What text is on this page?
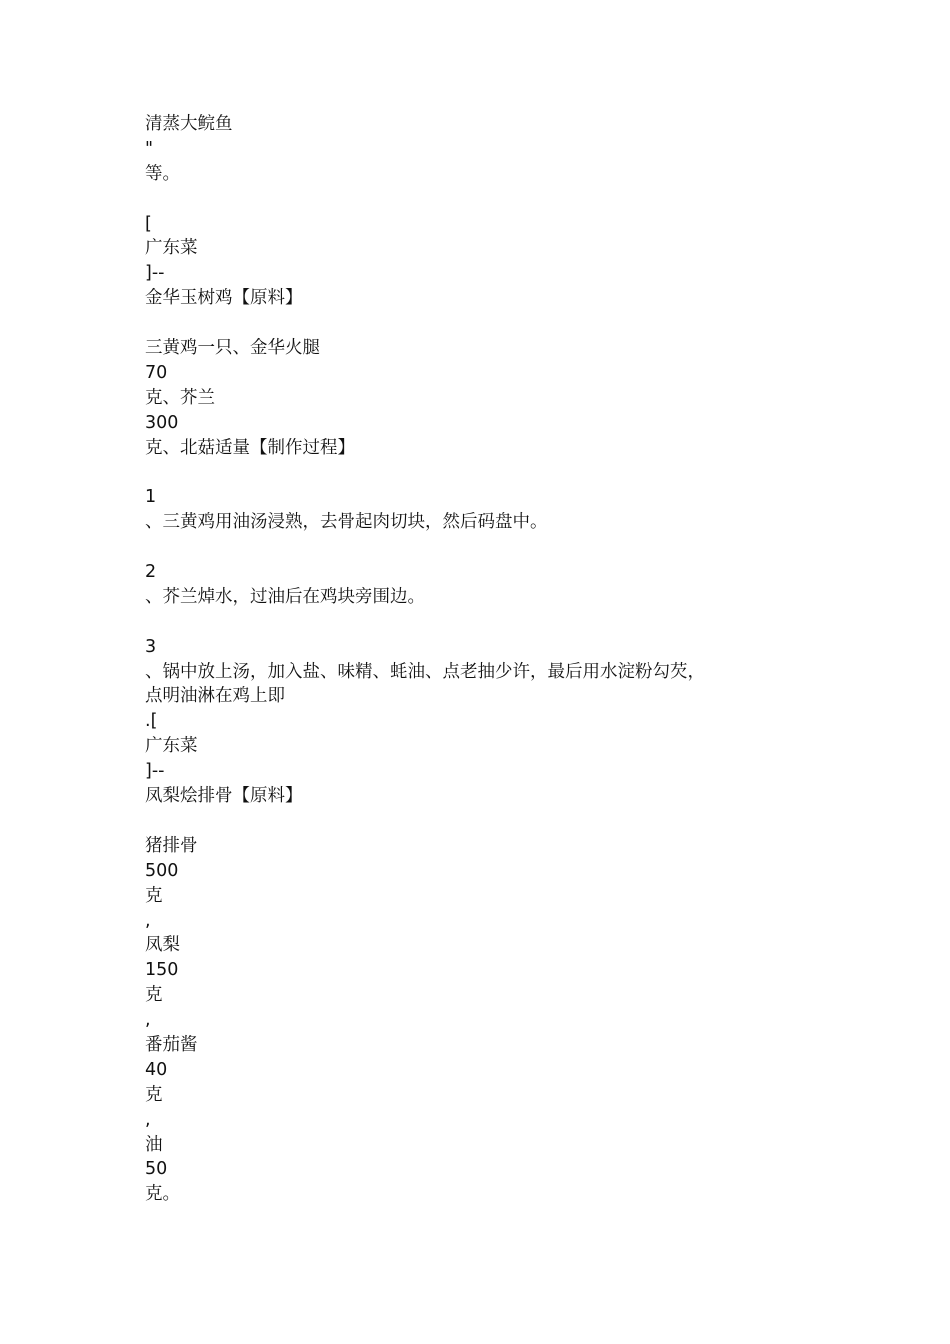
清蒸大鲩鱼
"
等。
[
广东菜
]--
金华玉树鸡【原料】
三黄鸡一只、金华火腿
70
克、芥兰
300
克、北菇适量【制作过程】
1
、三黄鸡用油汤浸熟，去骨起肉切块，然后码盘中。
2
、芥兰焯水，过油后在鸡块旁围边。
3
、锅中放上汤，加入盐、味精、蚝油、点老抽少许，最后用水淀粉勾芡，
点明油淋在鸡上即
.[
广东菜
]--
凤梨烩排骨【原料】
猪排骨
500
克
,
凤梨
150
克
,
番茄酱
40
克
,
油
50
克。
